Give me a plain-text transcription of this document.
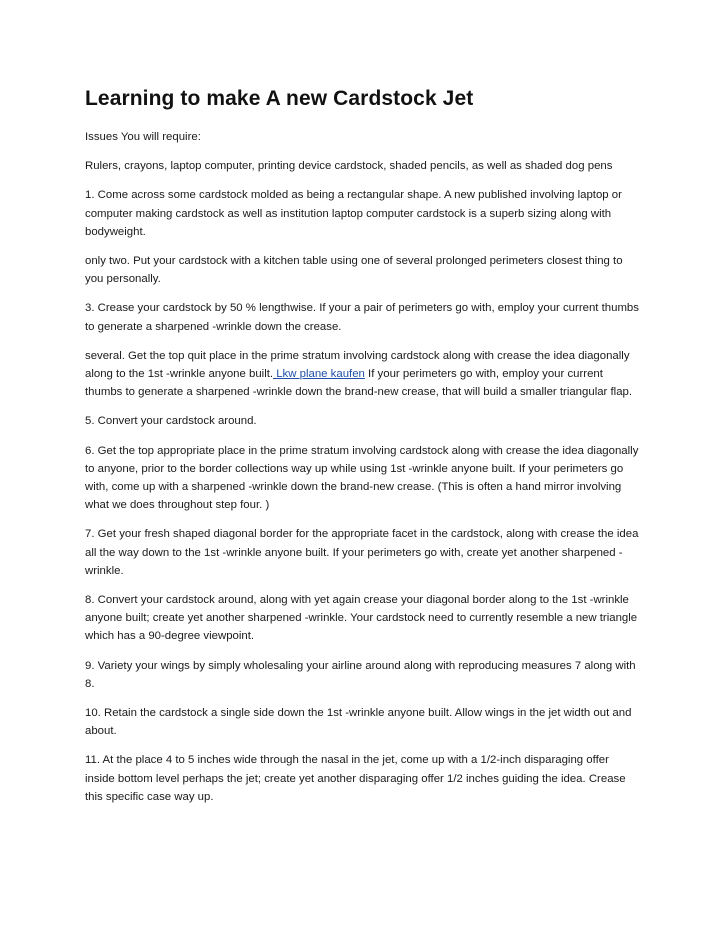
Learning to make A new Cardstock Jet

Issues You will require:

Rulers, crayons, laptop computer, printing device cardstock, shaded pencils, as well as shaded dog pens

1. Come across some cardstock molded as being a rectangular shape. A new published involving laptop or computer making cardstock as well as institution laptop computer cardstock is a superb sizing along with bodyweight.

only two. Put your cardstock with a kitchen table using one of several prolonged perimeters closest thing to you personally.

3. Crease your cardstock by 50 % lengthwise. If your a pair of perimeters go with, employ your current thumbs to generate a sharpened -wrinkle down the crease.

several. Get the top quit place in the prime stratum involving cardstock along with crease the idea diagonally along to the 1st -wrinkle anyone built. Lkw plane kaufen If your perimeters go with, employ your current thumbs to generate a sharpened -wrinkle down the brand-new crease, that will build a smaller triangular flap.

5. Convert your cardstock around.

6. Get the top appropriate place in the prime stratum involving cardstock along with crease the idea diagonally to anyone, prior to the border collections way up while using 1st -wrinkle anyone built. If your perimeters go with, come up with a sharpened -wrinkle down the brand-new crease. (This is often a hand mirror involving what we does throughout step four. )

7. Get your fresh shaped diagonal border for the appropriate facet in the cardstock, along with crease the idea all the way down to the 1st -wrinkle anyone built. If your perimeters go with, create yet another sharpened -wrinkle.

8. Convert your cardstock around, along with yet again crease your diagonal border along to the 1st -wrinkle anyone built; create yet another sharpened -wrinkle. Your cardstock need to currently resemble a new triangle which has a 90-degree viewpoint.

9. Variety your wings by simply wholesaling your airline around along with reproducing measures 7 along with 8.

10. Retain the cardstock a single side down the 1st -wrinkle anyone built. Allow wings in the jet width out and about.

11. At the place 4 to 5 inches wide through the nasal in the jet, come up with a 1/2-inch disparaging offer inside bottom level perhaps the jet; create yet another disparaging offer 1/2 inches guiding the idea. Crease this specific case way up.
